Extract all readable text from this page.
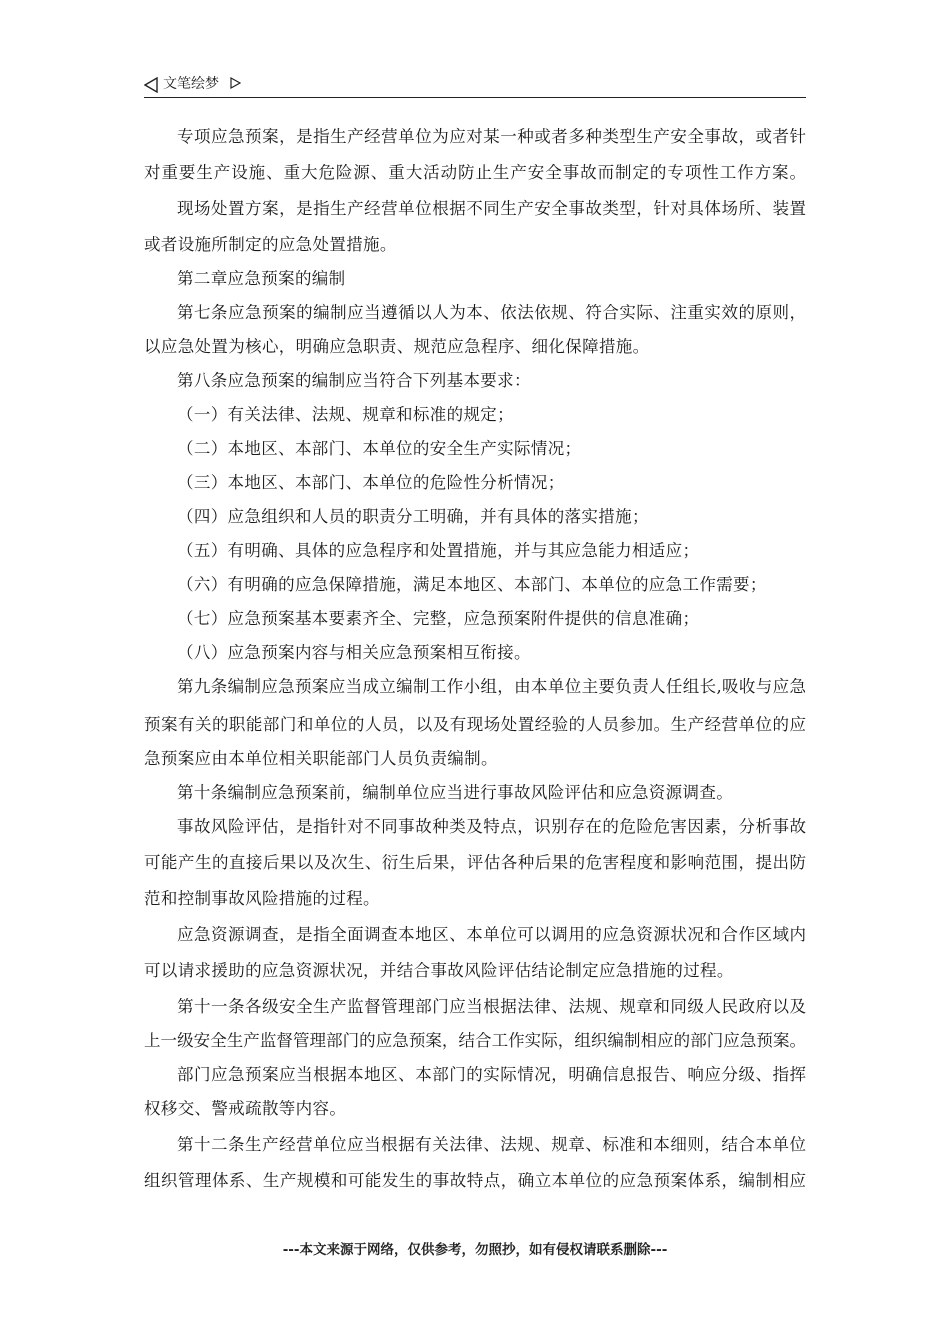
文笔绘梦
专项应急预案，是指生产经营单位为应对某一种或者多种类型生产安全事故，或者针
对重要生产设施、重大危险源、重大活动防止生产安全事故而制定的专项性工作方案。
现场处置方案，是指生产经营单位根据不同生产安全事故类型，针对具体场所、装置
或者设施所制定的应急处置措施。
第二章应急预案的编制
第七条应急预案的编制应当遵循以人为本、依法依规、符合实际、注重实效的原则，
以应急处置为核心，明确应急职责、规范应急程序、细化保障措施。
第八条应急预案的编制应当符合下列基本要求：
（一）有关法律、法规、规章和标准的规定；
（二）本地区、本部门、本单位的安全生产实际情况；
（三）本地区、本部门、本单位的危险性分析情况；
（四）应急组织和人员的职责分工明确，并有具体的落实措施；
（五）有明确、具体的应急程序和处置措施，并与其应急能力相适应；
（六）有明确的应急保障措施，满足本地区、本部门、本单位的应急工作需要；
（七）应急预案基本要素齐全、完整，应急预案附件提供的信息准确；
（八）应急预案内容与相关应急预案相互衔接。
第九条编制应急预案应当成立编制工作小组，由本单位主要负责人任组长,吸收与应急
预案有关的职能部门和单位的人员，以及有现场处置经验的人员参加。生产经营单位的应
急预案应由本单位相关职能部门人员负责编制。
第十条编制应急预案前，编制单位应当进行事故风险评估和应急资源调查。
事故风险评估，是指针对不同事故种类及特点，识别存在的危险危害因素，分析事故
可能产生的直接后果以及次生、衍生后果，评估各种后果的危害程度和影响范围，提出防
范和控制事故风险措施的过程。
应急资源调查，是指全面调查本地区、本单位可以调用的应急资源状况和合作区域内
可以请求援助的应急资源状况，并结合事故风险评估结论制定应急措施的过程。
第十一条各级安全生产监督管理部门应当根据法律、法规、规章和同级人民政府以及
上一级安全生产监督管理部门的应急预案，结合工作实际，组织编制相应的部门应急预案。
部门应急预案应当根据本地区、本部门的实际情况，明确信息报告、响应分级、指挥
权移交、警戒疏散等内容。
第十二条生产经营单位应当根据有关法律、法规、规章、标准和本细则，结合本单位
组织管理体系、生产规模和可能发生的事故特点，确立本单位的应急预案体系，编制相应
---本文来源于网络，仅供参考，勿照抄，如有侵权请联系删除---
